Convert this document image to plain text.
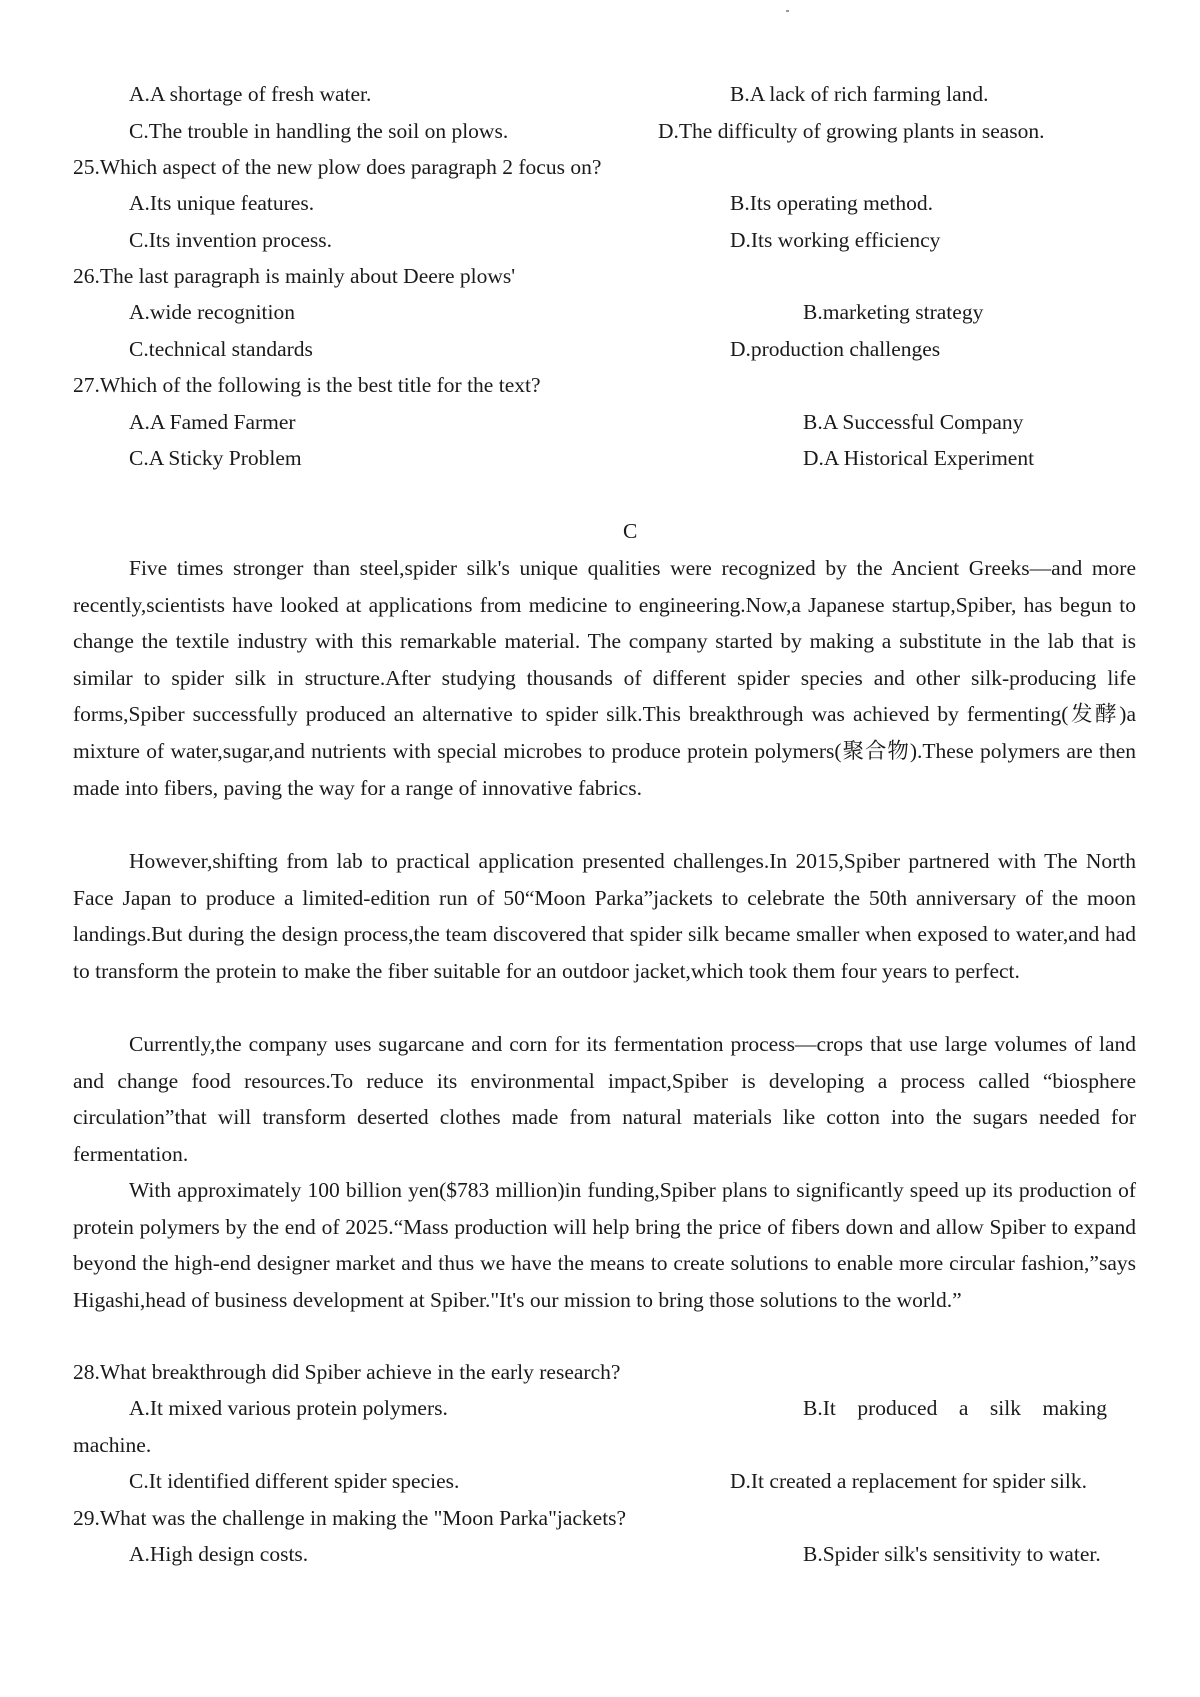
A.A shortage of fresh water.	B.A lack of rich farming land.
C.The trouble in handling the soil on plows.	D.The difficulty of growing plants in season.
25.Which aspect of the new plow does paragraph 2 focus on?
A.Its unique features.	B.Its operating method.
C.Its invention process.	D.Its working efficiency
26.The last paragraph is mainly about Deere plows'
A.wide recognition	B.marketing strategy
C.technical standards	D.production challenges
27.Which of the following is the best title for the text?
A.A Famed Farmer	B.A Successful Company
C.A Sticky Problem	D.A Historical Experiment
C
Five times stronger than steel,spider silk's unique qualities were recognized by the Ancient Greeks—and more recently,scientists have looked at applications from medicine to engineering.Now,a Japanese startup,Spiber, has begun to change the textile industry with this remarkable material. The company started by making a substitute in the lab that is similar to spider silk in structure.After studying thousands of different spider species and other silk-producing life forms,Spiber successfully produced an alternative to spider silk.This breakthrough was achieved by fermenting(发酵)a mixture of water,sugar,and nutrients with special microbes to produce protein polymers(聚合物).These polymers are then made into fibers, paving the way for a range of innovative fabrics.
However,shifting from lab to practical application presented challenges.In 2015,Spiber partnered with The North Face Japan to produce a limited-edition run of 50“Moon Parka”jackets to celebrate the 50th anniversary of the moon landings.But during the design process,the team discovered that spider silk became smaller when exposed to water,and had to transform the protein to make the fiber suitable for an outdoor jacket,which took them four years to perfect.
Currently,the company uses sugarcane and corn for its fermentation process—crops that use large volumes of land and change food resources.To reduce its environmental impact,Spiber is developing a process called “biosphere circulation”that will transform deserted clothes made from natural materials like cotton into the sugars needed for fermentation.
With approximately 100 billion yen($783 million)in funding,Spiber plans to significantly speed up its production of protein polymers by the end of 2025.“Mass production will help bring the price of fibers down and allow Spiber to expand beyond the high-end designer market and thus we have the means to create solutions to enable more circular fashion,”says Higashi,head of business development at Spiber."It's our mission to bring those solutions to the world.”
28.What breakthrough did Spiber achieve in the early research?
A.It mixed various protein polymers.	B.It    produced    a    silk    making
machine.
C.It identified different spider species.	D.It created a replacement for spider silk.
29.What was the challenge in making the "Moon Parka"jackets?
A.High design costs.	B.Spider silk's sensitivity to water.
